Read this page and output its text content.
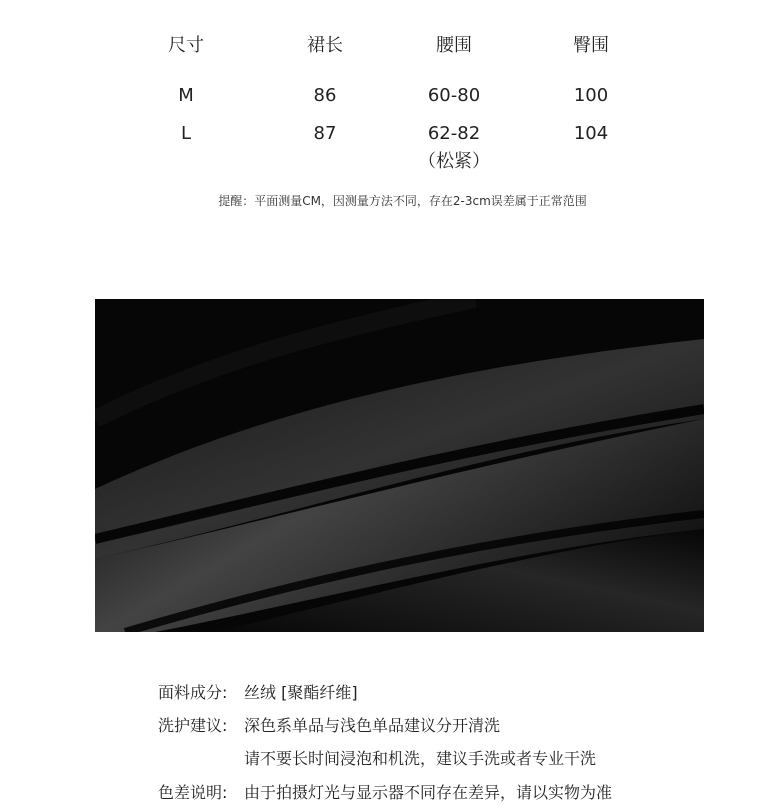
尺寸	裙长	腰围	臀围
M	86	60-80	100
L	87	62-82	104
（松紧）
提醒：平面测量CM，因测量方法不同，存在2-3cm误差属于正常范围
面料成分: 丝绒 [聚酯纤维]
洗护建议: 深色系单品与浅色单品建议分开清洗
请不要长时间浸泡和机洗，建议手洗或者专业干洗
色差说明: 由于拍摄灯光与显示器不同存在差异，请以实物为准
